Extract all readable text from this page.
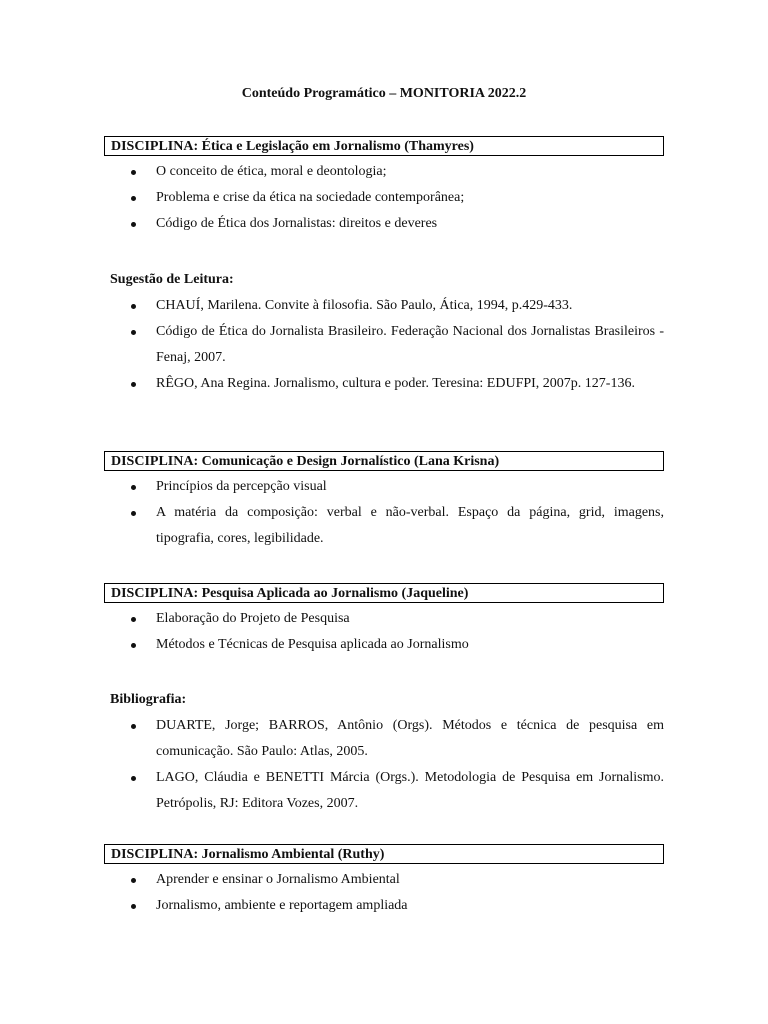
Conteúdo Programático – MONITORIA 2022.2
DISCIPLINA: Ética e Legislação em Jornalismo (Thamyres)
O conceito de ética, moral e deontologia;
Problema e crise da ética na sociedade contemporânea;
Código de Ética dos Jornalistas: direitos e deveres
Sugestão de Leitura:
CHAUÍ, Marilena. Convite à filosofia. São Paulo, Ática, 1994, p.429-433.
Código de Ética do Jornalista Brasileiro. Federação Nacional dos Jornalistas Brasileiros - Fenaj, 2007.
RÊGO, Ana Regina. Jornalismo, cultura e poder. Teresina: EDUFPI, 2007p. 127-136.
DISCIPLINA: Comunicação e Design Jornalístico (Lana Krisna)
Princípios da percepção visual
A matéria da composição: verbal e não-verbal. Espaço da página, grid, imagens, tipografia, cores, legibilidade.
DISCIPLINA: Pesquisa Aplicada ao Jornalismo (Jaqueline)
Elaboração do Projeto de Pesquisa
Métodos e Técnicas de Pesquisa aplicada ao Jornalismo
Bibliografia:
DUARTE, Jorge; BARROS, Antônio (Orgs). Métodos e técnica de pesquisa em comunicação. São Paulo: Atlas, 2005.
LAGO, Cláudia e BENETTI Márcia (Orgs.). Metodologia de Pesquisa em Jornalismo. Petrópolis, RJ: Editora Vozes, 2007.
DISCIPLINA: Jornalismo Ambiental (Ruthy)
Aprender e ensinar o Jornalismo Ambiental
Jornalismo, ambiente e reportagem ampliada
